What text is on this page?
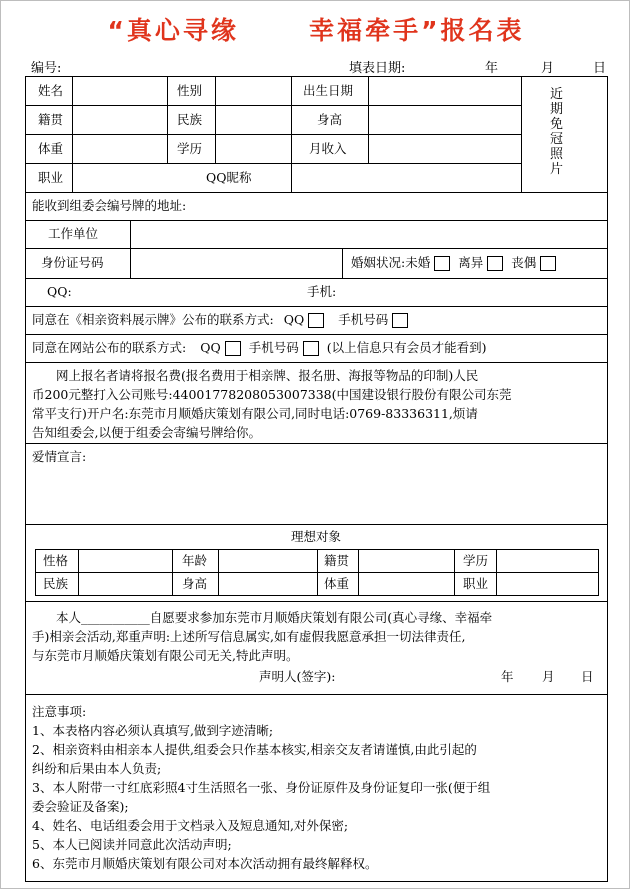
“真心寻缘      幸福牵手”报名表
编号:	填表日期:	年	月	日
姓名	性别	出生日期
籍贯	民族	身高
体重	学历	月收入
职业	QQ昵称
近期免冠照片
能收到组委会编号牌的地址:
工作单位
身份证号码	婚姻状况:未婚 离异 丧偶
QQ:	手机:
同意在《相亲资料展示牌》公布的联系方式: QQ	手机号码
同意在网站公布的联系方式: QQ 手机号码 (以上信息只有会员才能看到)
网上报名者请将报名费(报名费用于相亲牌、报名册、海报等物品的印制)人民
币200元整打入公司账号:44001778208053007338(中国建设银行股份有限公司东莞
常平支行)开户名:东莞市月顺婚庆策划有限公司,同时电话:0769-83336311,烦请
告知组委会,以便于组委会寄编号牌给你。
爱情宣言:
理想对象
性格	年龄	籍贯	学历
民族	身高	体重	职业
本人___________自愿要求参加东莞市月顺婚庆策划有限公司(真心寻缘、幸福牵
手)相亲会活动,郑重声明:上述所写信息属实,如有虚假我愿意承担一切法律责任,
与东莞市月顺婚庆策划有限公司无关,特此声明。
声明人(签字):	年 月 日
注意事项:
1、本表格内容必须认真填写,做到字迹清晰;
2、相亲资料由相亲本人提供,组委会只作基本核实,相亲交友者请谨慎,由此引起的
纠纷和后果由本人负责;
3、本人附带一寸红底彩照4寸生活照名一张、身份证原件及身份证复印一张(便于组
委会验证及备案);
4、姓名、电话组委会用于文档录入及短息通知,对外保密;
5、本人已阅读并同意此次活动声明;
6、东莞市月顺婚庆策划有限公司对本次活动拥有最终解释权。
